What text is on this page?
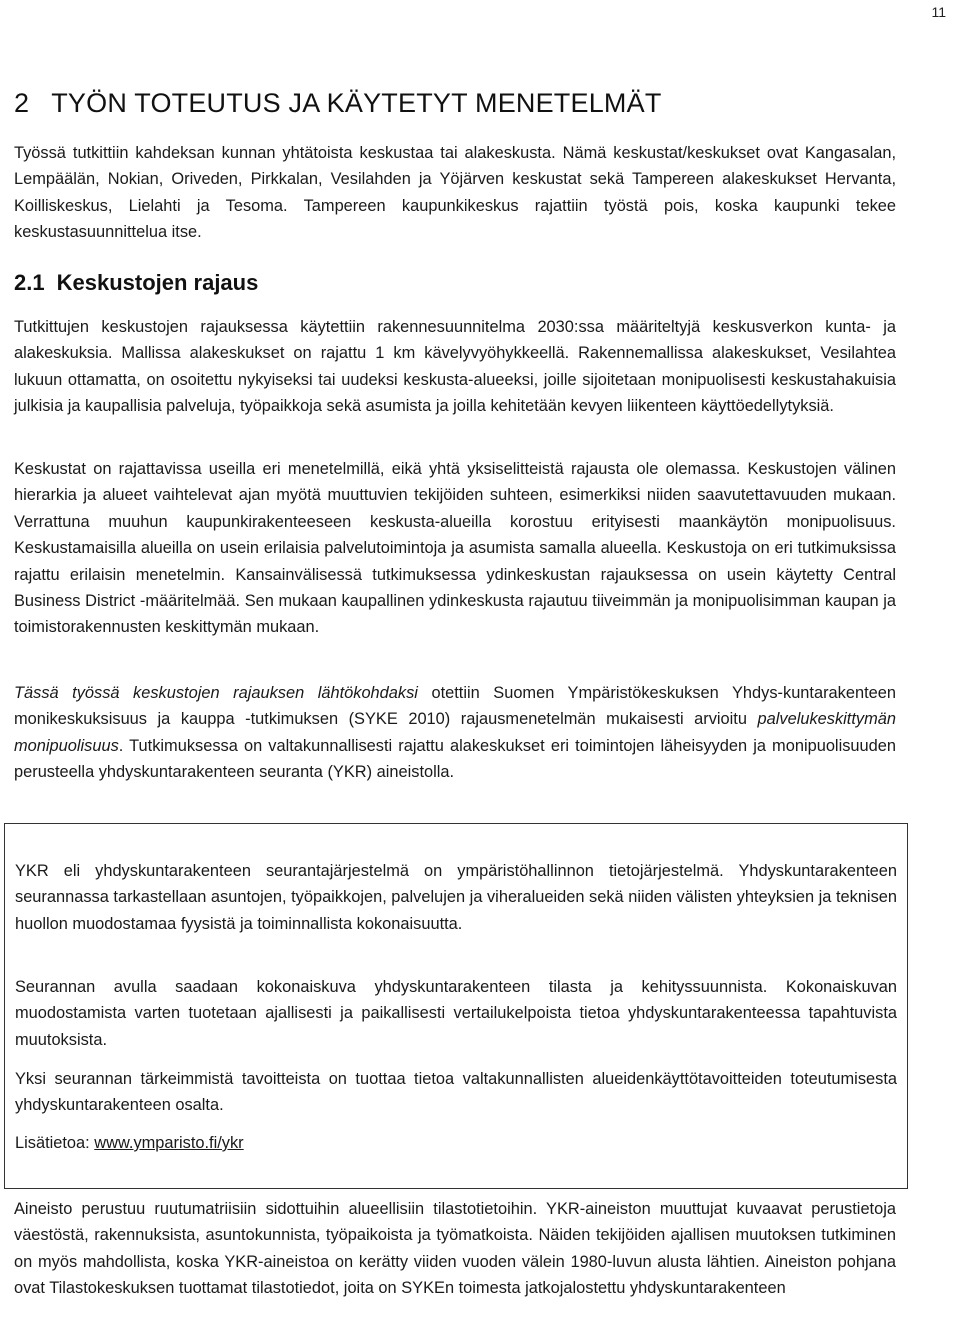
11
2 TYÖN TOTEUTUS JA KÄYTETYT MENETELMÄT

Työssä tutkittiin kahdeksan kunnan yhtätoista keskustaa tai alakeskusta. Nämä keskustat/keskukset ovat Kangasalan, Lempäälän, Nokian, Oriveden, Pirkkalan, Vesilahden ja Yöjärven keskustat sekä Tampereen alakeskukset Hervanta, Koilliskeskus, Lielahti ja Tesoma. Tampereen kaupunkikeskus rajattiin työstä pois, koska kaupunki tekee keskustasuunnittelua itse.

2.1 Keskustojen rajaus

Tutkittujen keskustojen rajauksessa käytettiin rakennesuunnitelma 2030:ssa määriteltyjä keskusverkon kunta- ja alakeskuksia. Mallissa alakeskukset on rajattu 1 km kävelyvyöhykkeellä. Rakennemallissa alakeskukset, Vesilahtea lukuun ottamatta, on osoitettu nykyiseksi tai uudeksi keskusta-alueeksi, joille sijoitetaan monipuolisesti keskustahakuisia julkisia ja kaupallisia palveluja, työpaikkoja sekä asumista ja joilla kehitetään kevyen liikenteen käyttöedellytyksiä.

Keskustat on rajattavissa useilla eri menetelmillä, eikä yhtä yksiselitteistä rajausta ole olemassa. Keskustojen välinen hierarkia ja alueet vaihtelevat ajan myötä muuttuvien tekijöiden suhteen, esimerkiksi niiden saavutettavuuden mukaan. Verrattuna muuhun kaupunkirakenteeseen keskusta-alueilla korostuu erityisesti maankäytön monipuolisuus. Keskustamaisilla alueilla on usein erilaisia palvelutoimintoja ja asumista samalla alueella. Keskustoja on eri tutkimuksissa rajattu erilaisin menetelmin. Kansainvälisessä tutkimuksessa ydinkeskustan rajauksessa on usein käytetty Central Business District -määritelmää. Sen mukaan kaupallinen ydinkeskusta rajautuu tiiveimmän ja monipuolisimman kaupan ja toimistorakennusten keskittymän mukaan.

Tässä työssä keskustojen rajauksen lähtökohdaksi otettiin Suomen Ympäristökeskuksen Yhdys-kuntarakenteen monikeskuksisuus ja kauppa -tutkimuksen (SYKE 2010) rajausmenetelmän mukaisesti arvioitu palvelukeskittymän monipuolisuus. Tutkimuksessa on valtakunnallisesti rajattu alakeskukset eri toimintojen läheisyyden ja monipuolisuuden perusteella yhdyskuntarakenteen seuranta (YKR) aineistolla.

YKR eli yhdyskuntarakenteen seurantajärjestelmä on ympäristöhallinnon tietojärjestelmä. Yhdyskuntarakenteen seurannassa tarkastellaan asuntojen, työpaikkojen, palvelujen ja viheralueiden sekä niiden välisten yhteyksien ja teknisen huollon muodostamaa fyysistä ja toiminnallista kokonaisuutta.

Seurannan avulla saadaan kokonaiskuva yhdyskuntarakenteen tilasta ja kehityssuunnista. Kokonaiskuvan muodostamista varten tuotetaan ajallisesti ja paikallisesti vertailukelpoista tietoa yhdyskuntarakenteessa tapahtuvista muutoksista.

Yksi seurannan tärkeimmistä tavoitteista on tuottaa tietoa valtakunnallisten alueidenkäyttötavoitteiden toteutumisesta yhdyskuntarakenteen osalta.

Lisätietoa: www.ymparisto.fi/ykr

Aineisto perustuu ruutumatriisiin sidottuihin alueellisiin tilastotietoihin. YKR-aineiston muuttujat kuvaavat perustietoja väestöstä, rakennuksista, asuntokunnista, työpaikoista ja työmatkoista. Näiden tekijöiden ajallisen muutoksen tutkiminen on myös mahdollista, koska YKR-aineistoa on kerätty viiden vuoden välein 1980-luvun alusta lähtien. Aineiston pohjana ovat Tilastokeskuksen tuottamat tilastotiedot, joita on SYKEn toimesta jatkojalostettu yhdyskuntarakenteen
